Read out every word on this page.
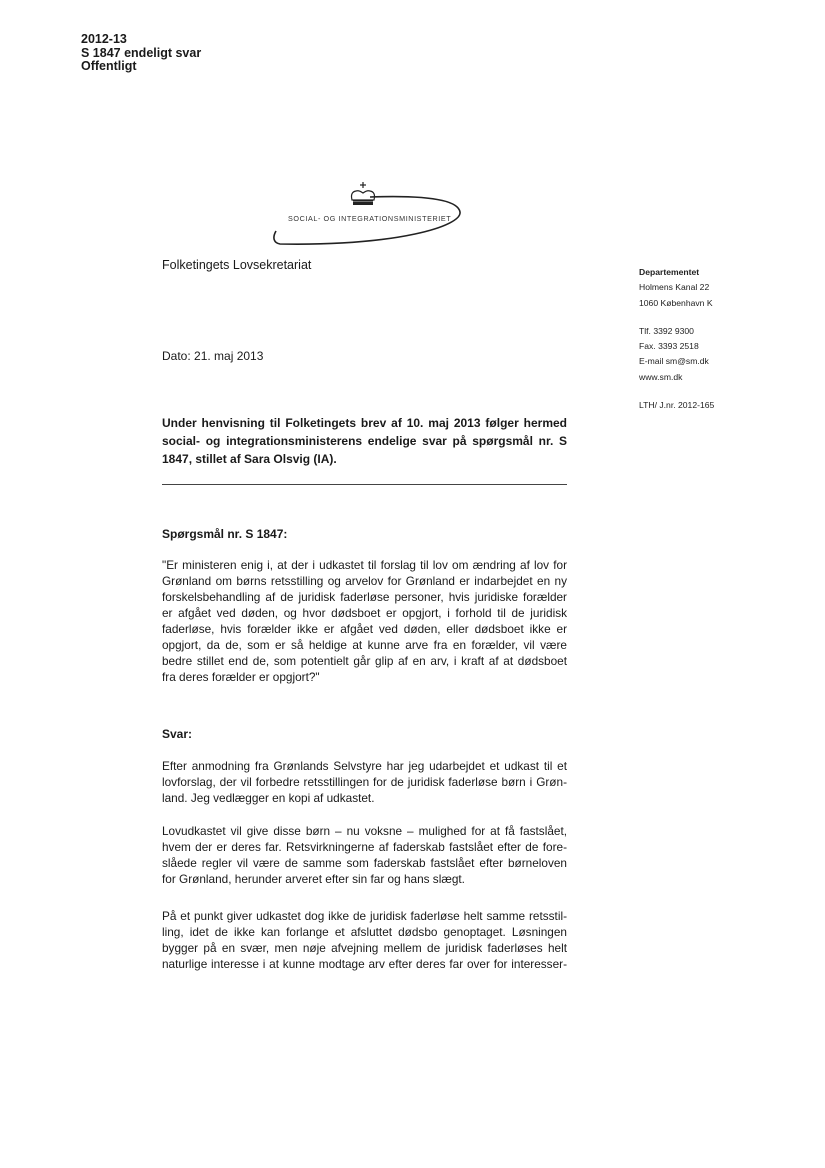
2012-13
S 1847 endeligt svar
Offentligt
SOCIAL- OG INTEGRATIONSMINISTERIET
Folketingets Lovsekretariat
Dato: 21. maj 2013
Departementet
Holmens Kanal 22
1060 København K
Tlf. 3392 9300
Fax. 3393 2518
E-mail sm@sm.dk
www.sm.dk
LTH/ J.nr. 2012-165
Under henvisning til Folketingets brev af 10. maj 2013 følger hermed
social- og integrationsministerens endelige svar på spørgsmål nr. S
1847, stillet af Sara Olsvig (IA).
Spørgsmål nr. S 1847:
"Er ministeren enig i, at der i udkastet til forslag til lov om ændring af lov for
Grønland om børns retsstilling og arvelov for Grønland er indarbejdet en ny
forskelsbehandling af de juridisk faderløse personer, hvis juridiske forælder
er afgået ved døden, og hvor dødsboet er opgjort, i forhold til de juridisk
faderløse, hvis forælder ikke er afgået ved døden, eller dødsboet ikke er
opgjort, da de, som er så heldige at kunne arve fra en forælder, vil være
bedre stillet end de, som potentielt går glip af en arv, i kraft af at dødsboet
fra deres forælder er opgjort?"
Svar:
Efter anmodning fra Grønlands Selvstyre har jeg udarbejdet et udkast til et
lovforslag, der vil forbedre retsstillingen for de juridisk faderløse børn i Grøn-
land. Jeg vedlægger en kopi af udkastet.
Lovudkastet vil give disse børn – nu voksne – mulighed for at få fastslået,
hvem der er deres far. Retsvirkningerne af faderskab fastslået efter de fore-
slåede regler vil være de samme som faderskab fastslået efter børneloven
for Grønland, herunder arveret efter sin far og hans slægt.
På et punkt giver udkastet dog ikke de juridisk faderløse helt samme retsstil-
ling, idet de ikke kan forlange et afsluttet dødsbo genoptaget. Løsningen
bygger på en svær, men nøje afvejning mellem de juridisk faderløses helt
naturlige interesse i at kunne modtage arv efter deres far over for interesser-
